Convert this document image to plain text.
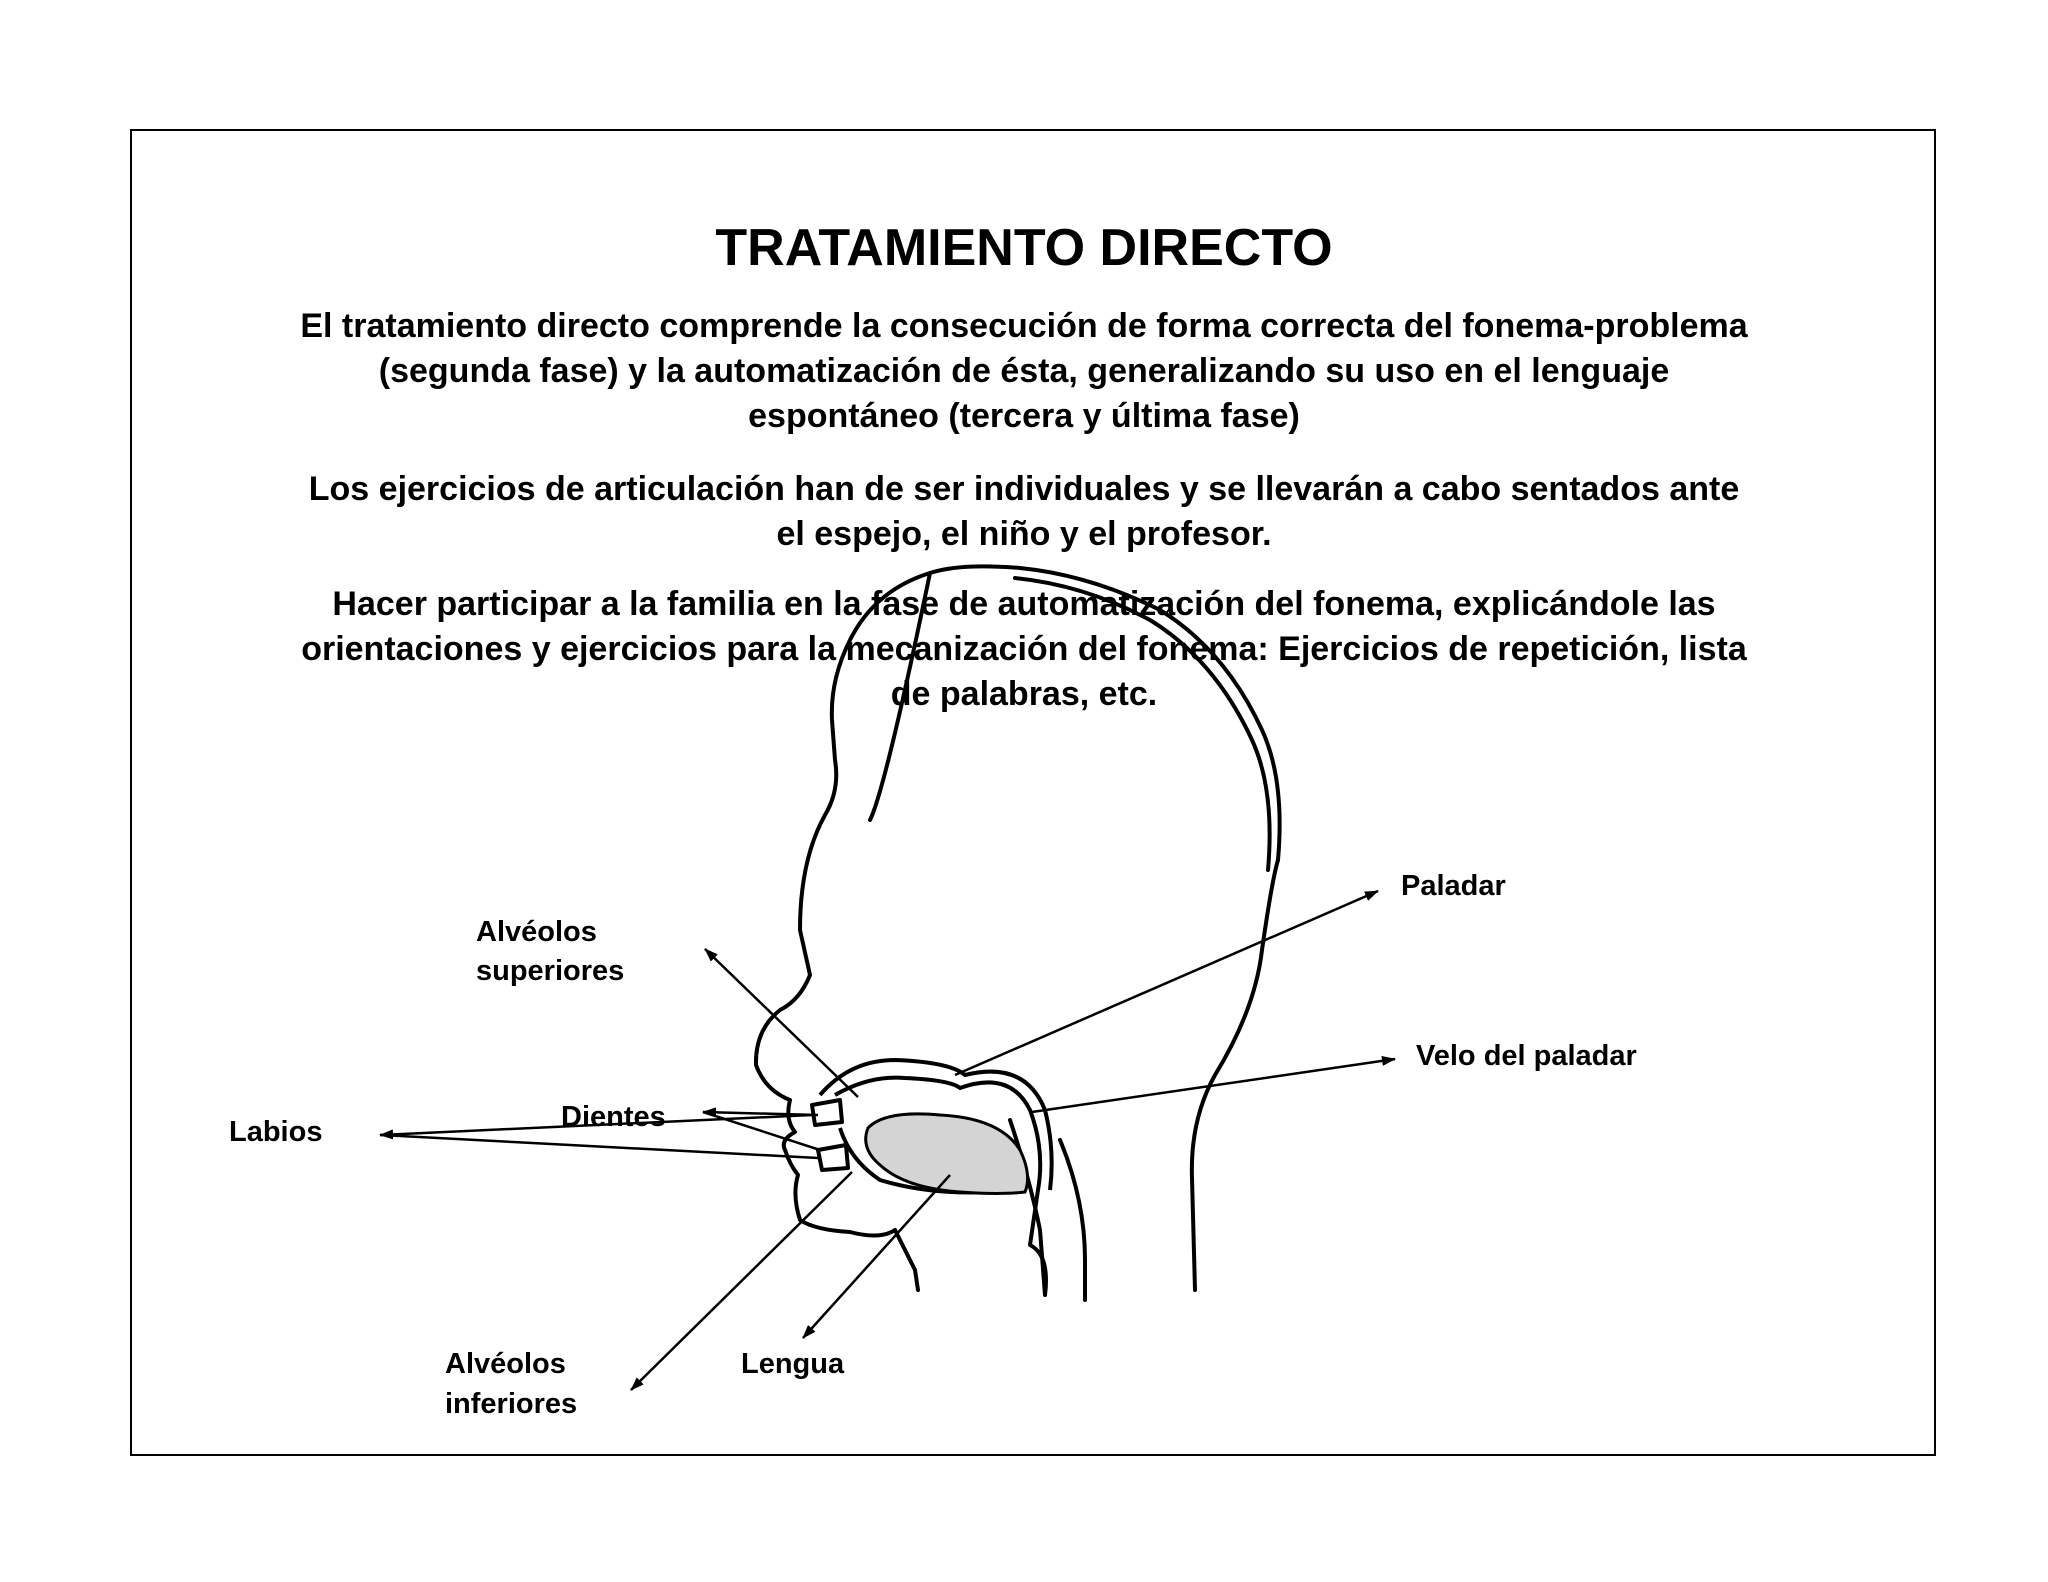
TRATAMIENTO DIRECTO

El tratamiento directo comprende la consecución de forma correcta del fonema-problema (segunda fase) y la automatización de ésta, generalizando su uso en el lenguaje espontáneo (tercera y última fase)

Los ejercicios de articulación han de ser individuales y se llevarán a cabo sentados ante el espejo, el niño y el profesor.

Hacer participar a la familia en la fase de automatización del fonema, explicándole las orientaciones y ejercicios para la mecanización del fonema: Ejercicios de repetición, lista de palabras, etc.

Alvéolos
superiores
Paladar
Velo del paladar
Labios	Dientes
Alvéolos
inferiores
Lengua
